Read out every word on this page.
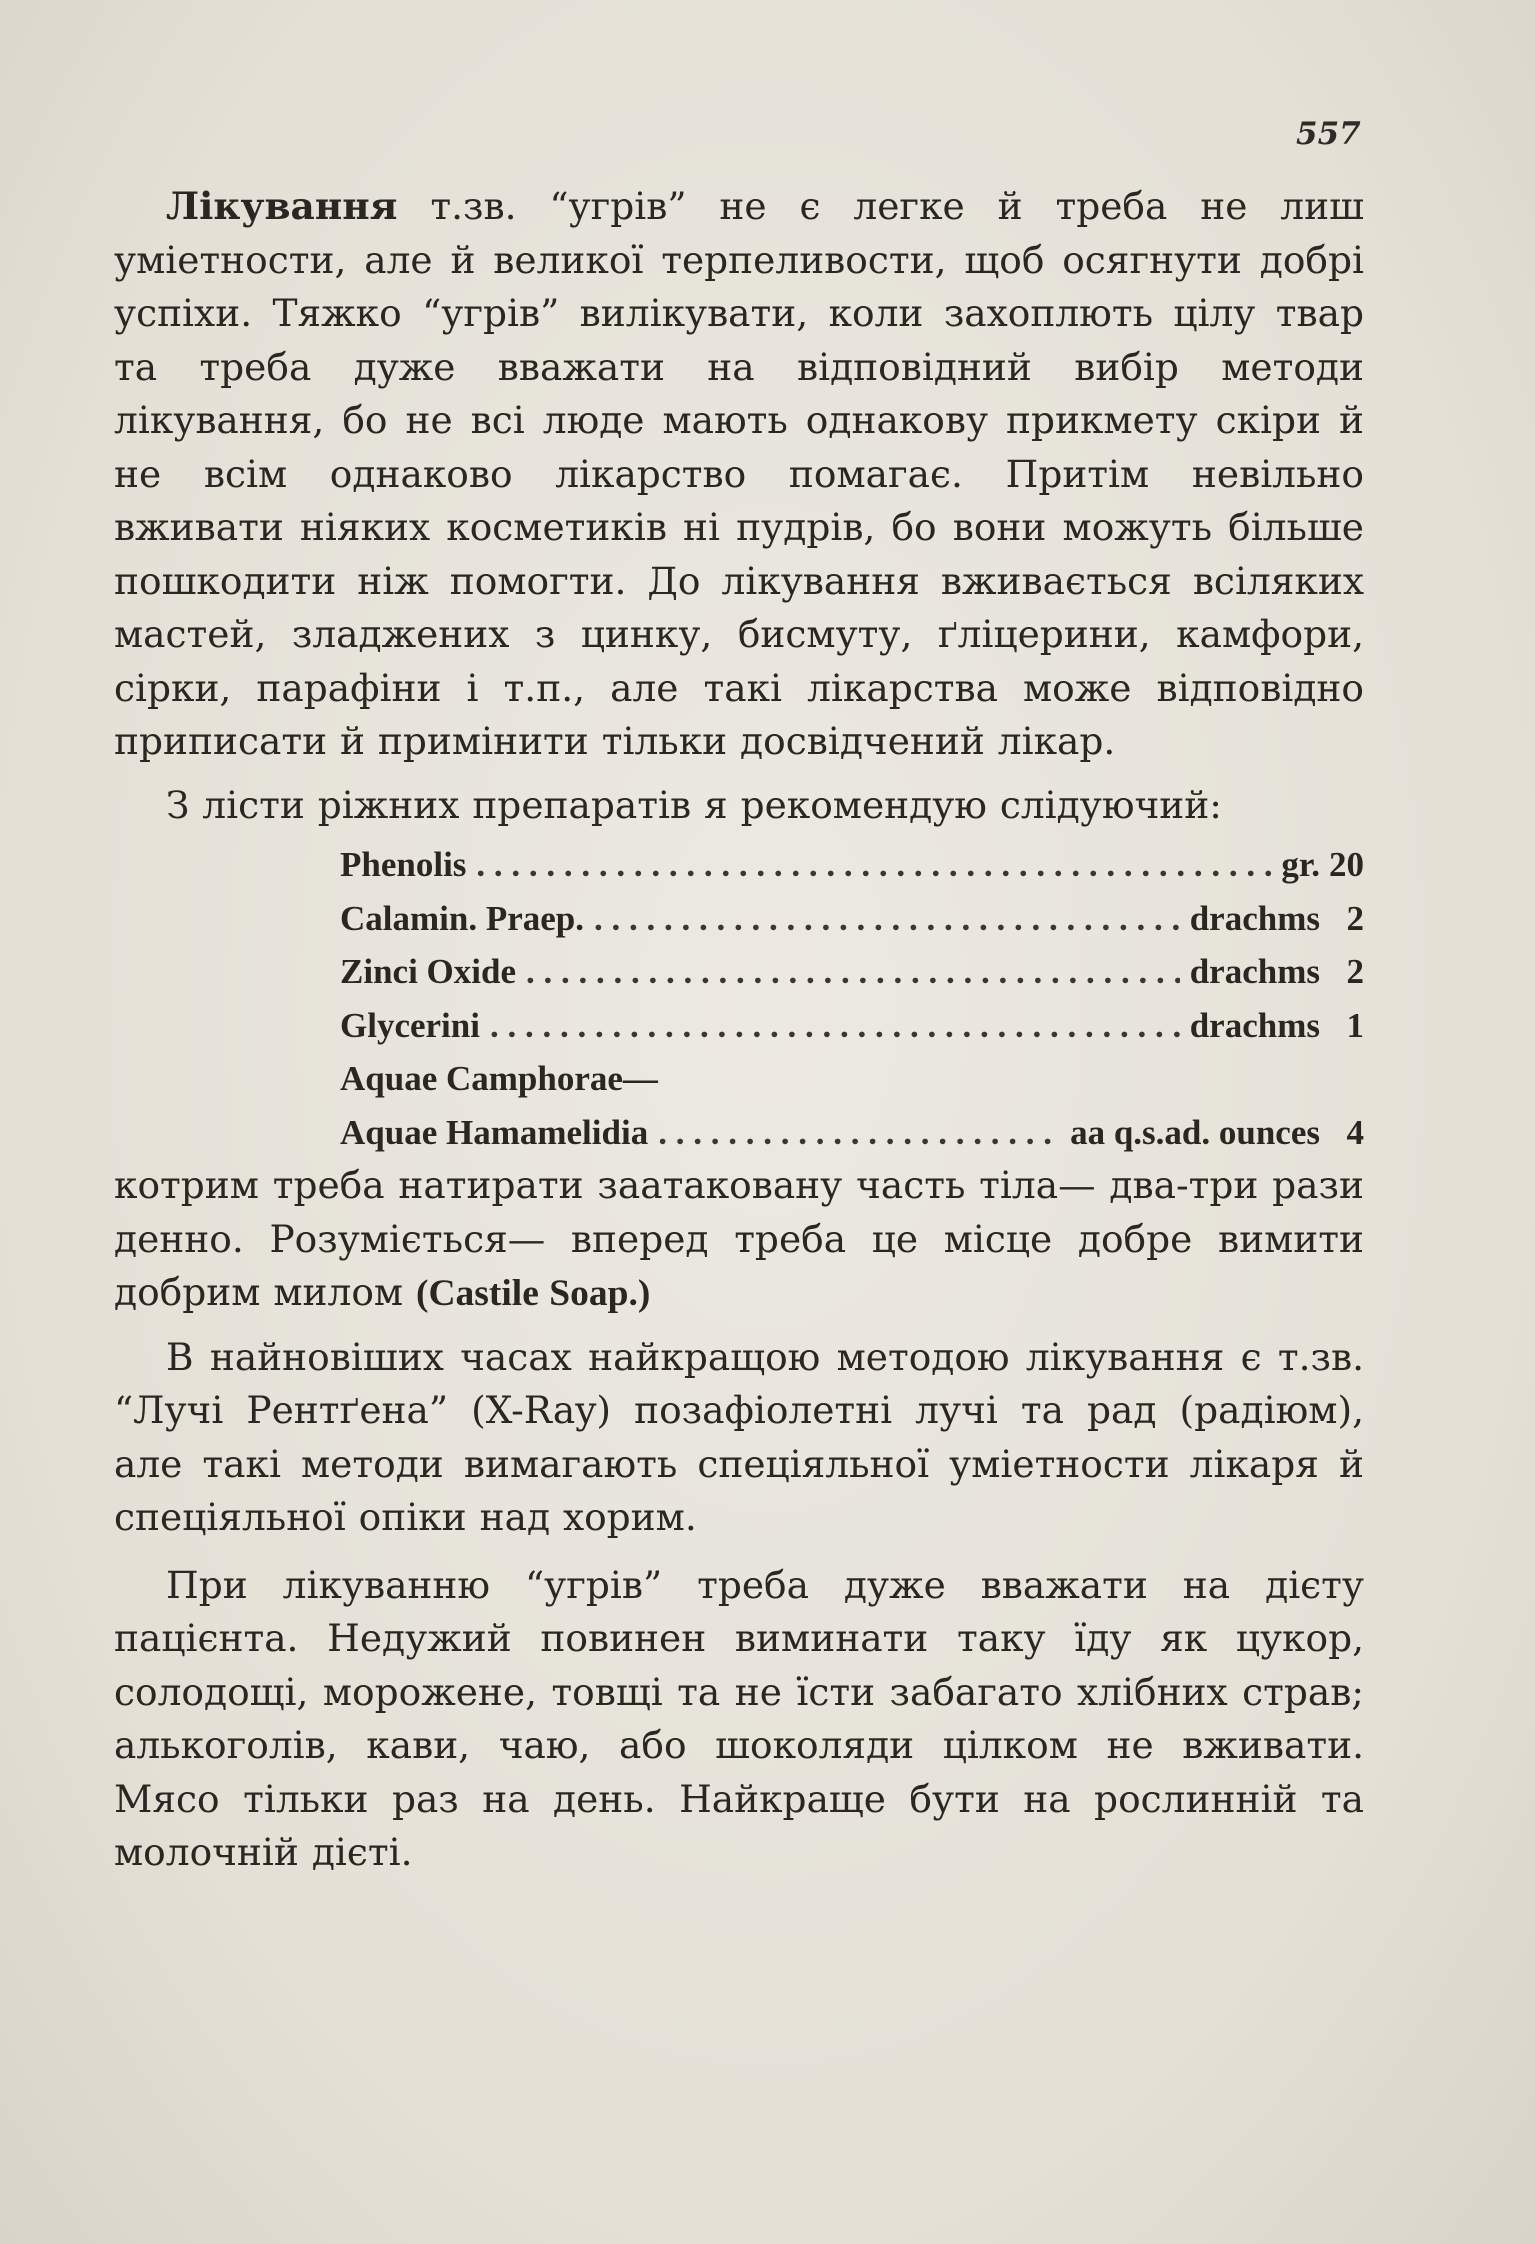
557

Лікування т.зв. “угрів” не є легке й треба не лиш уміетности, але й великої терпеливости, щоб осягнути добрі успіхи. Тяжко “угрів” вилікувати, коли захоплють цілу твар та треба дуже вважати на відповідний вибір методи лікування, бо не всі люде мають однакову прикмету скіри й не всім однаково лікарство помагає. Притім невільно вживати ніяких косметиків ні пудрів, бо вони можуть більше пошкодити ніж помогти. До лікування вживається всіляких мастей, зладжених з цинку, бисмуту, ґліцерини, камфори, сірки, парафіни і т.п., але такі лікарства може відповідно приписати й примінити тільки досвідчений лікар.

З лісти ріжних препаратів я рекомендую слідуючий:

Phenolis . . .	gr. 20
Calamin. Praep. . . .	drachms 2
Zinci Oxide . . .	drachms 2
Glycerini . . .	drachms 1
Aquae Camphorae—
Aquae Hamamelidia . . .	aa q.s.ad. ounces 4

котрим треба натирати заатаковану часть тіла— два-три рази денно. Розуміється— вперед треба це місце добре вимити добрим милом (Castile Soap.)

В найновіших часах найкращою методою лікування є т.зв. “Лучі Рентґена” (X-Ray) позафіолетні лучі та рад (радіюм), але такі методи вимагають спеціяльної уміетности лікаря й спеціяльної опіки над хорим.

При лікуванню “угрів” треба дуже вважати на дієту пацієнта. Недужий повинен виминати таку їду як цукор, солодощі, морожене, товщі та не їсти забагато хлібних страв; алькоголів, кави, чаю, або шоколяди цілком не вживати. Мясо тільки раз на день. Найкраще бути на рослинній та молочній дієті.
